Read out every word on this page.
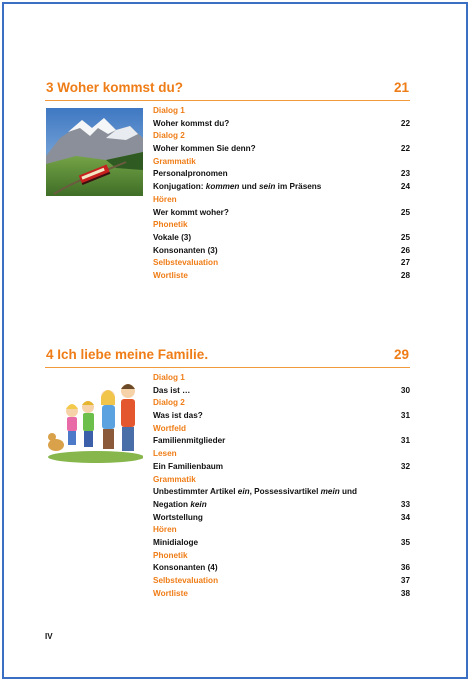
3 Woher kommst du?	21
Dialog 1
Woher kommst du?	22
Dialog 2
Woher kommen Sie denn?	22
Grammatik
Personalpronomen	23
Konjugation: kommen und sein im Präsens	24
Hören
Wer kommt woher?	25
Phonetik
Vokale (3)	25
Konsonanten (3)	26
Selbstevaluation	27
Wortliste	28
4 Ich liebe meine Familie.	29
Dialog 1
Das ist …	30
Dialog 2
Was ist das?	31
Wortfeld
Familienmitglieder	31
Lesen
Ein Familienbaum	32
Grammatik
Unbestimmter Artikel ein, Possessivartikel mein und
Negation kein	33
Wortstellung	34
Hören
Minidialoge	35
Phonetik
Konsonanten (4)	36
Selbstevaluation	37
Wortliste	38
IV
